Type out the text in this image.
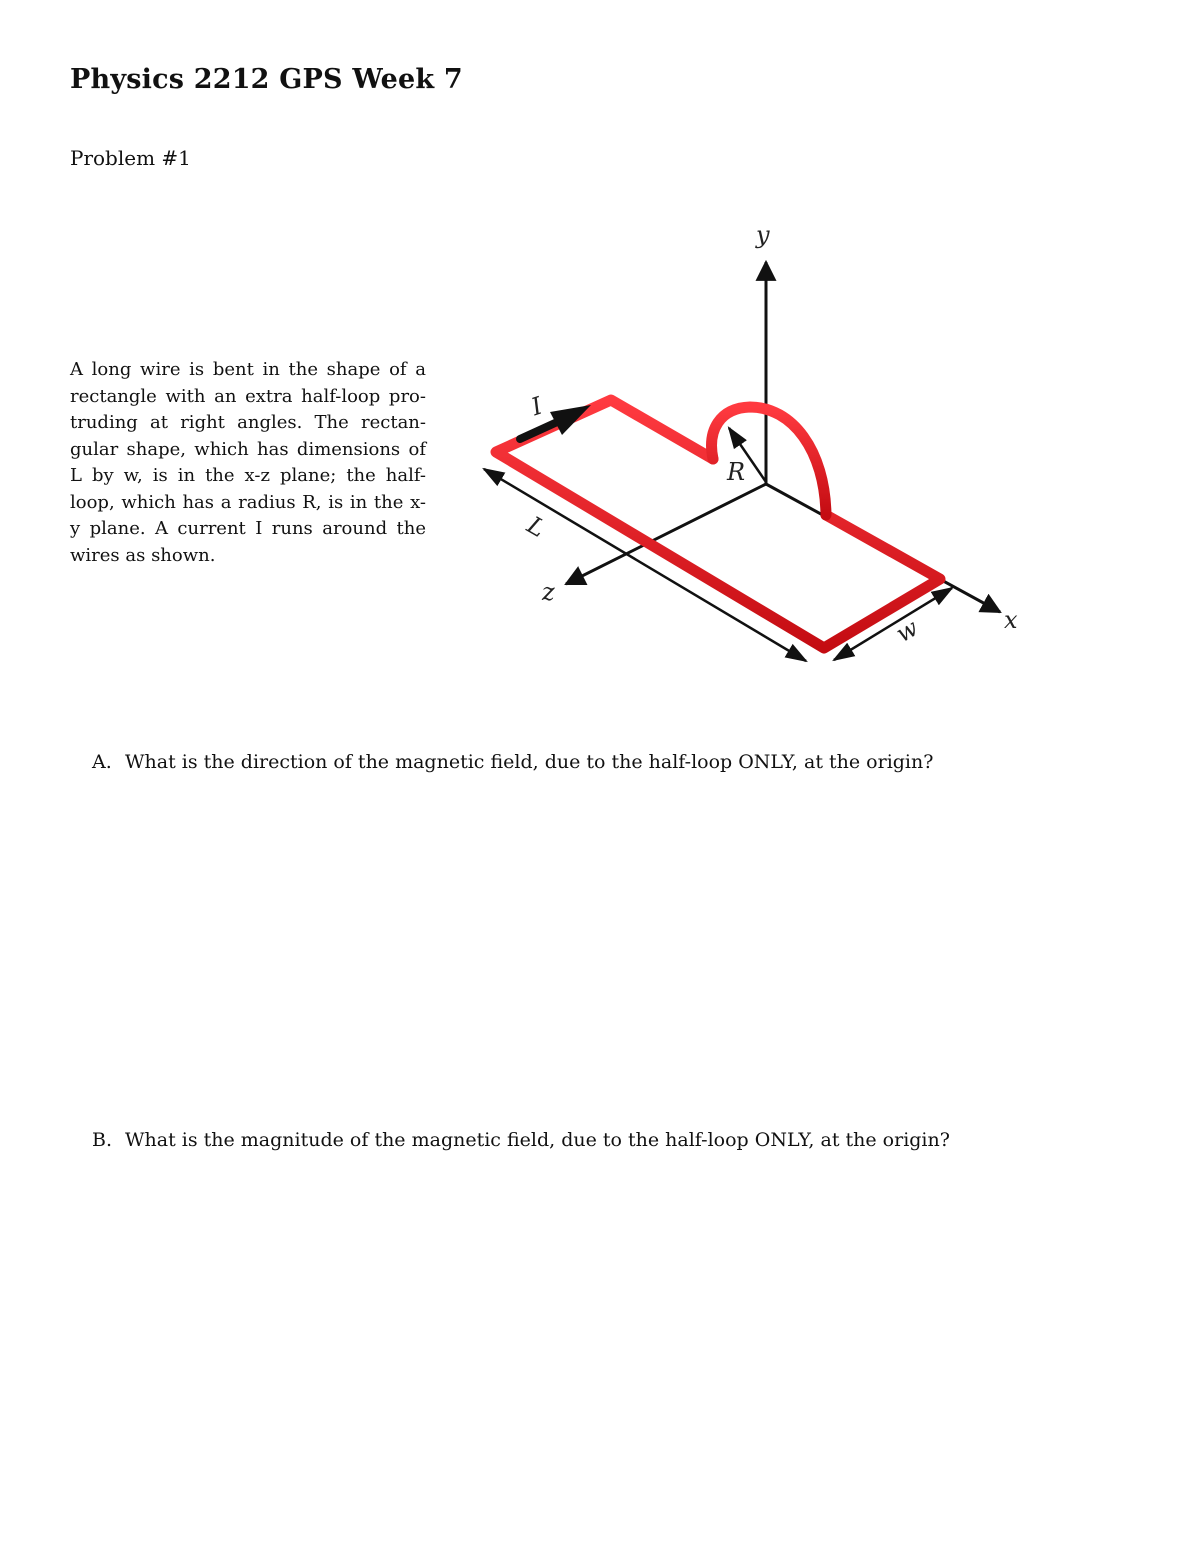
Physics 2212 GPS Week 7
Problem #1
A long wire is bent in the shape of a rectangle with an extra half-loop protruding at right angles. The rectangular shape, which has dimensions of L by w, is in the x-z plane; the half-loop, which has a radius R, is in the x-y plane. A current I runs around the wires as shown.
y
x
z
R
I
L
w
A. What is the direction of the magnetic field, due to the half-loop ONLY, at the origin?
B. What is the magnitude of the magnetic field, due to the half-loop ONLY, at the origin?
